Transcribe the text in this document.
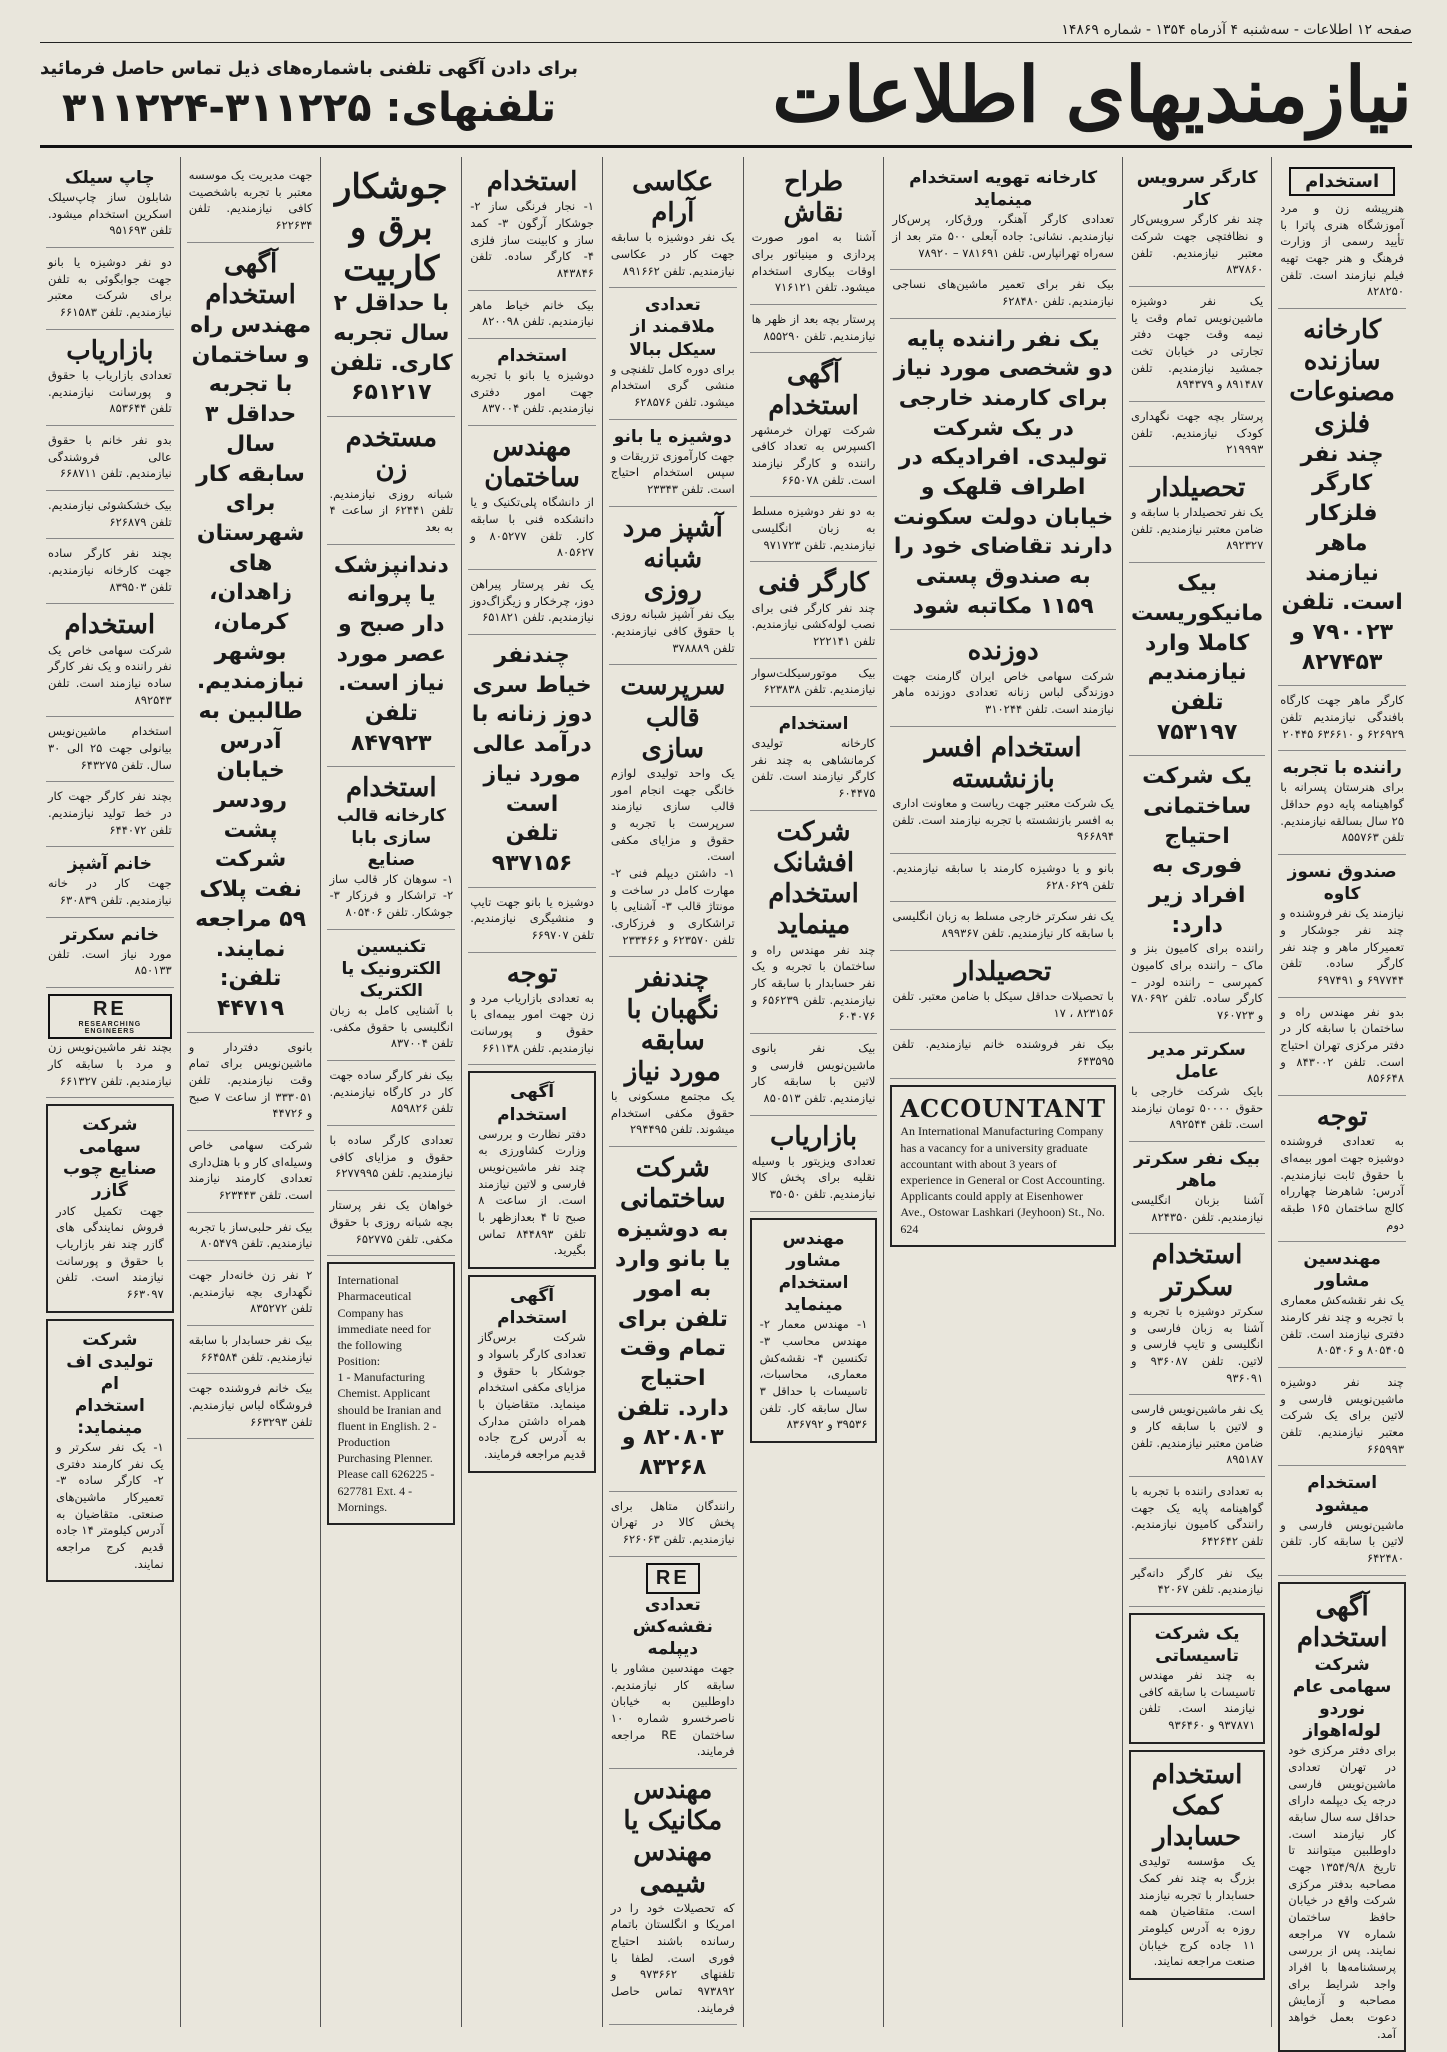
صفحه ۱۲ اطلاعات - سه‌شنبه ۴ آذرماه ۱۳۵۴ - شماره ۱۴۸۶۹
نیازمندیهای اطلاعات
برای دادن آگهی تلفنی باشماره‌های ذیل تماس حاصل فرمائید
تلفنهای: ۳۱۱۲۲۵-۳۱۱۲۲۴
استخدام

هنرپیشه زن و مرد آموزشگاه هنری پاترا با تأیید رسمی از وزارت فرهنگ و هنر جهت تهیه فیلم نیازمند است. تلفن ۸۲۸۲۵۰

کارخانه سازنده مصنوعات فلزی

چند نفر کارگر فلزکار ماهر نیازمند است. تلفن ۷۹۰۰۲۳ و ۸۲۷۴۵۳

کارگر ماهر جهت کارگاه بافندگی نیازمندیم تلفن ۶۲۶۹۲۹ و ۶۳۶۶۱۰ ۲۰۴۴۵

راننده با تجربه

برای هنرستان پسرانه با گواهینامه پایه دوم حداقل ۲۵ سال بسالقه نیازمندیم. تلفن ۸۵۵۷۶۳

صندوق نسوز کاوه

نیازمند یک نفر فروشنده و چند نفر جوشکار و تعمیرکار ماهر و چند نفر کارگر ساده. تلفن ۶۹۷۷۴۴ و ۶۹۷۴۹۱

بدو نفر مهندس راه و ساختمان با سابقه کار در دفتر مرکزی تهران احتیاج است. تلفن ۸۴۳۰۰۲ و ۸۵۶۶۴۸

توجه

به تعدادی فروشنده دوشیزه جهت امور بیمه‌ای با حقوق ثابت نیازمندیم. آدرس: شاهرضا چهارراه کالج ساختمان ۱۶۵ طبقه دوم

مهندسین مشاور

یک نفر نقشه‌کش معماری با تجربه و چند نفر کارمند دفتری نیازمند است. تلفن ۸۰۵۴۰۵ و ۸۰۵۴۰۶

چند نفر دوشیزه ماشین‌نویس فارسی و لاتین برای یک شرکت معتبر نیازمندیم. تلفن ۶۶۵۹۹۳

استخدام میشود

ماشین‌نویس فارسی و لاتین با سابقه کار. تلفن ۶۴۲۴۸۰

آگهی استخدام
شرکت سهامی عام نوردو لوله‌اهواز

برای دفتر مرکزی خود در تهران تعدادی ماشین‌نویس فارسی درجه یک دیپلمه دارای حداقل سه سال سابقه کار نیازمند است. داوطلبین میتوانند تا تاریخ ۱۳۵۴/۹/۸ جهت مصاحبه بدفتر مرکزی شرکت واقع در خیابان حافظ ساختمان شماره ۷۷ مراجعه نمایند. پس از بررسی پرسشنامه‌ها با افراد واجد شرایط برای مصاحبه و آزمایش دعوت بعمل خواهد آمد.

کارگر سرویس کار

چند نفر کارگر سرویس‌کار و نظافتچی جهت شرکت معتبر نیازمندیم. تلفن ۸۳۷۸۶۰

یک نفر دوشیزه ماشین‌نویس تمام وقت یا نیمه وقت جهت دفتر تجارتی در خیابان تخت جمشید نیازمندیم. تلفن ۸۹۱۴۸۷ و ۸۹۴۳۷۹

پرستار بچه جهت نگهداری کودک نیازمندیم. تلفن ۲۱۹۹۹۳

تحصیلدار

یک نفر تحصیلدار با سابقه و ضامن معتبر نیازمندیم. تلفن ۸۹۲۳۲۷

بیک مانیکوریست کاملا وارد نیازمندیم

تلفن ۷۵۳۱۹۷

یک شرکت ساختمانی احتیاج فوری به افراد زیر دارد:

راننده برای کامیون بنز و ماک – راننده برای کامیون کمپرسی – راننده لودر – کارگر ساده. تلفن ۷۸۰۶۹۲ و ۷۶۰۷۲۳

سکرتر مدیر عامل

بایک شرکت خارجی با حقوق ۵۰۰۰۰ تومان نیازمند است. تلفن ۸۹۲۵۴۴

بیک نفر سکرتر ماهر

آشنا بزبان انگلیسی نیازمندیم. تلفن ۸۲۴۳۵۰

استخدام سکرتر

سکرتر دوشیزه با تجربه و آشنا به زبان فارسی و انگلیسی و تایپ فارسی و لاتین. تلفن ۹۳۶۰۸۷ و ۹۳۶۰۹۱

یک نفر ماشین‌نویس فارسی و لاتین با سابقه کار و ضامن معتبر نیازمندیم. تلفن ۸۹۵۱۸۷

به تعدادی راننده با تجربه با گواهینامه پایه یک جهت رانندگی کامیون نیازمندیم. تلفن ۶۴۲۶۴۲

بیک نفر کارگر دانه‌گیر نیازمندیم. تلفن ۴۲۰۶۷

یک شرکت تاسیساتی

به چند نفر مهندس تاسیسات با سابقه کافی نیازمند است. تلفن ۹۳۷۸۷۱ و ۹۳۶۴۶۰

استخدام کمک حسابدار

یک مؤسسه تولیدی بزرگ به چند نفر کمک حسابدار با تجربه نیازمند است. متقاضیان همه روزه به آدرس کیلومتر ۱۱ جاده کرج خیابان صنعت مراجعه نمایند.

کارخانه تهویه استخدام مینماید

تعدادی کارگر آهنگر، ورق‌کار، پرس‌کار نیازمندیم. نشانی: جاده آبعلی ۵۰۰ متر بعد از سه‌راه تهرانپارس. تلفن ۷۸۱۶۹۱ – ۷۸۹۲۰

بیک نفر برای تعمیر ماشین‌های نساجی نیازمندیم. تلفن ۶۲۸۴۸۰

یک نفر راننده پایه دو شخصی مورد نیاز برای کارمند خارجی در یک شرکت تولیدی. افرادیکه در اطراف قلهک و خیابان دولت سکونت دارند تقاضای خود را به صندوق پستی ۱۱۵۹ مکاتبه شود

دوزنده

شرکت سهامی خاص ایران گارمنت جهت دوزندگی لباس زنانه تعدادی دوزنده ماهر نیازمند است. تلفن ۳۱۰۲۴۴

استخدام افسر بازنشسته

یک شرکت معتبر جهت ریاست و معاونت اداری به افسر بازنشسته با تجربه نیازمند است. تلفن ۹۶۶۸۹۴

بانو و یا دوشیزه کارمند با سابقه نیازمندیم. تلفن ۶۲۸۰۶۲۹

یک نفر سکرتر خارجی مسلط به زبان انگلیسی با سابقه کار نیازمندیم. تلفن ۸۹۹۳۶۷

تحصیلدار

با تحصیلات حداقل سیکل با ضامن معتبر. تلفن ۸۲۳۱۵۶ ، ۱۷

بیک نفر فروشنده خانم نیازمندیم. تلفن ۶۴۳۵۹۵

ACCOUNTANT

An International Manufacturing Company has a vacancy for a university graduate accountant with about 3 years of experience in General or Cost Accounting. Applicants could apply at Eisenhower Ave., Ostowar Lashkari (Jeyhoon) St., No. 624

طراح نقاش

آشنا به امور صورت پردازی و مینیاتور برای اوقات بیکاری استخدام میشود. تلفن ۷۱۶۱۲۱

پرستار بچه بعد از ظهر ها نیازمندیم. تلفن ۸۵۵۲۹۰

آگهی استخدام

شرکت تهران خرمشهر اکسپرس به تعداد کافی راننده و کارگر نیازمند است. تلفن ۶۶۵۰۷۸

به دو نفر دوشیزه مسلط به زبان انگلیسی نیازمندیم. تلفن ۹۷۱۷۲۳

کارگر فنی

چند نفر کارگر فنی برای نصب لوله‌کشی نیازمندیم. تلفن ۲۲۲۱۴۱

بیک موتورسیکلت‌سوار نیازمندیم. تلفن ۶۲۳۸۳۸

استخدام

کارخانه تولیدی کرمانشاهی به چند نفر کارگر نیازمند است. تلفن ۶۰۴۴۷۵

شرکت افشانک استخدام مینماید

چند نفر مهندس راه و ساختمان با تجربه و یک نفر حسابدار با سابقه کار نیازمندیم. تلفن ۶۵۶۲۳۹ و ۶۰۴۰۷۶

بیک نفر بانوی ماشین‌نویس فارسی و لاتین با سابقه کار نیازمندیم. تلفن ۸۵۰۵۱۳

بازاریاب

تعدادی ویزیتور با وسیله نقلیه برای پخش کالا نیازمندیم. تلفن ۳۵۰۵۰

مهندس مشاور استخدام مینماید

۱- مهندس معمار ۲- مهندس محاسب ۳- تکنسین ۴- نقشه‌کش معماری، محاسبات، تاسیسات با حداقل ۳ سال سابقه کار. تلفن ۳۹۵۳۶ و ۸۳۶۷۹۲

عکاسی آرام

یک نفر دوشیزه با سابقه جهت کار در عکاسی نیازمندیم. تلفن ۸۹۱۶۶۲

تعدادی ملاقمند از سیکل ببالا

برای دوره کامل تلفنچی و منشی گری استخدام میشود. تلفن ۶۲۸۵۷۶

دوشیزه یا بانو

جهت کارآموزی تزریقات و سپس استخدام احتیاج است. تلفن ۲۳۳۴۳

آشپز مرد شبانه روزی

بیک نفر آشپز شبانه روزی با حقوق کافی نیازمندیم. تلفن ۳۷۸۸۸۹

سرپرست قالب سازی

یک واحد تولیدی لوازم خانگی جهت انجام امور قالب سازی نیازمند سرپرست با تجربه و حقوق و مزایای مکفی است.

۱- داشتن دیپلم فنی ۲- مهارت کامل در ساخت و مونتاژ قالب ۳- آشنایی با تراشکاری و فرزکاری. تلفن ۶۲۳۵۷۰ و ۲۳۳۴۶۶

چندنفر نگهبان با سابقه مورد نیاز

یک مجتمع مسکونی با حقوق مکفی استخدام میشوند. تلفن ۲۹۴۴۹۵

شرکت ساختمانی

به دوشیزه یا بانو وارد به امور تلفن برای تمام وقت احتیاج دارد. تلفن ۸۲۰۸۰۳ و ۸۳۲۶۸

رانندگان متاهل برای پخش کالا در تهران نیازمندیم. تلفن ۶۲۶۰۶۳

RE
تعدادی نقشه‌کش دیپلمه

جهت مهندسین مشاور با سابقه کار نیازمندیم. داوطلبین به خیابان ناصرخسرو شماره ۱۰ ساختمان RE مراجعه فرمایند.

مهندس مکانیک یا مهندس شیمی

که تحصیلات خود را در امریکا و انگلستان باتمام رسانده باشند احتیاج فوری است. لطفا با تلفنهای ۹۷۳۶۶۲ و ۹۷۳۸۹۲ تماس حاصل فرمایند.

استخدام

۱- نجار فرنگی ساز ۲- جوشکار آرگون ۳- کمد ساز و کابینت ساز فلزی ۴- کارگر ساده. تلفن ۸۴۳۸۴۶

بیک خانم خیاط ماهر نیازمندیم. تلفن ۸۲۰۰۹۸

استخدام

دوشیزه یا بانو با تجربه جهت امور دفتری نیازمندیم. تلفن ۸۳۷۰۰۴

مهندس ساختمان

از دانشگاه پلی‌تکنیک و یا دانشکده فنی با سابقه کار. تلفن ۸۰۵۲۷۷ و ۸۰۵۶۲۷

یک نفر پرستار پیراهن دوز، چرخکار و زیگزاگ‌دوز نیازمندیم. تلفن ۶۵۱۸۲۱

چندنفر خیاط سری دوز زنانه با درآمد عالی مورد نیاز است

تلفن ۹۳۷۱۵۶

دوشیزه یا بانو جهت تایپ و منشیگری نیازمندیم. تلفن ۶۶۹۷۰۷

توجه

به تعدادی بازاریاب مرد و زن جهت امور بیمه‌ای با حقوق و پورسانت نیازمندیم. تلفن ۶۶۱۱۳۸

آگهی استخدام

دفتر نظارت و بررسی وزارت کشاورزی به چند نفر ماشین‌نویس فارسی و لاتین نیازمند است. از ساعت ۸ صبح تا ۴ بعدازظهر با تلفن ۸۴۴۸۹۳ تماس بگیرید.

آگهی استخدام

شرکت برس‌گاز تعدادی کارگر باسواد و جوشکار با حقوق و مزایای مکفی استخدام مینماید. متقاضیان با همراه داشتن مدارک به آدرس کرج جاده قدیم مراجعه فرمایند.

جوشکار برق و کاربیت

با حداقل ۲ سال تجربه کاری. تلفن

۶۵۱۲۱۷

مستخدم زن

شبانه روزی نیازمندیم. تلفن ۶۲۴۴۱ از ساعت ۴ به بعد

دندانپزشک یا پروانه دار صبح و عصر مورد نیاز است. تلفن ۸۴۷۹۲۳

استخدام
کارخانه قالب سازی بابا صنایع

۱- سوهان کار قالب ساز ۲- تراشکار و فرزکار ۳- جوشکار. تلفن ۸۰۵۴۰۶

تکنیسین الکترونیک یا الکتریک

با آشنایی کامل به زبان انگلیسی با حقوق مکفی. تلفن ۸۳۷۰۰۴

بیک نفر کارگر ساده جهت کار در کارگاه نیازمندیم. تلفن ۸۵۹۸۲۶

تعدادی کارگر ساده با حقوق و مزایای کافی نیازمندیم. تلفن ۶۲۷۷۹۹۵

خواهان یک نفر پرستار بچه شبانه روزی با حقوق مکفی. تلفن ۶۵۲۷۷۵

International Pharmaceutical Company has immediate need for the following Position:

1 - Manufacturing Chemist. Applicant should be Iranian and fluent in English. 2 - Production Purchasing Plenner.

Please call 626225 - 627781 Ext. 4 - Mornings.

جهت مدیریت یک موسسه معتبر با تجربه باشخصیت کافی نیازمندیم. تلفن ۶۲۲۶۳۴

آگهی استخدام

مهندس راه و ساختمان با تجربه حداقل ۳ سال سابقه کار برای شهرستان های زاهدان، کرمان، بوشهر نیازمندیم. طالبین به آدرس خیابان رودسر پشت شرکت نفت پلاک ۵۹ مراجعه نمایند. تلفن:

۴۴۷۱۹

بانوی دفتردار و ماشین‌نویس برای تمام وقت نیازمندیم. تلفن ۳۳۳۰۵۱ از ساعت ۷ صبح و ۴۴۷۲۶

شرکت سهامی خاص وسیله‌ای کار و با هتل‌داری تعدادی کارمند نیازمند است. تلفن ۶۲۳۴۴۳

بیک نفر حلبی‌ساز با تجربه نیازمندیم. تلفن ۸۰۵۴۷۹

۲ نفر زن خانه‌دار جهت نگهداری بچه نیازمندیم. تلفن ۸۳۵۲۷۲

بیک نفر حسابدار با سابقه نیازمندیم. تلفن ۶۶۴۵۸۴

بیک خانم فروشنده جهت فروشگاه لباس نیازمندیم. تلفن ۶۶۳۲۹۳

چاپ سیلک

شابلون ساز چاپ‌سیلک اسکرین استخدام میشود. تلفن ۹۵۱۶۹۳

دو نفر دوشیزه یا بانو جهت جوابگوئی به تلفن برای شرکت معتبر نیازمندیم. تلفن ۶۶۱۵۸۳

بازاریاب

تعدادی بازاریاب با حقوق و پورسانت نیازمندیم. تلفن ۸۵۳۶۴۴

بدو نفر خانم با حقوق عالی فروشندگی نیازمندیم. تلفن ۶۶۸۷۱۱

بیک خشکشوئی نیازمندیم. تلفن ۶۲۶۸۷۹

بچند نفر کارگر ساده جهت کارخانه نیازمندیم. تلفن ۸۳۹۵۰۳

استخدام

شرکت سهامی خاص یک نفر راننده و یک نفر کارگر ساده نیازمند است. تلفن ۸۹۲۵۴۳

استخدام ماشین‌نویس بیانولی جهت ۲۵ الی ۳۰ سال. تلفن ۶۴۳۲۷۵

بچند نفر کارگر جهت کار در خط تولید نیازمندیم. تلفن ۶۴۴۰۷۲

خانم آشپز

جهت کار در خانه نیازمندیم. تلفن ۶۳۰۸۳۹

خانم سکرتر

مورد نیاز است. تلفن ۸۵۰۱۳۳

RE
RESEARCHING ENGINEERS

بچند نفر ماشین‌نویس زن و مرد با سابقه کار نیازمندیم. تلفن ۶۶۱۳۲۷

شرکت سهامی صنایع چوب گازر

جهت تکمیل کادر فروش نمایندگی های گازر چند نفر بازاریاب با حقوق و پورسانت نیازمند است. تلفن ۶۶۳۰۹۷

شرکت تولیدی اف ام
استخدام مینماید:

۱- یک نفر سکرتر و یک نفر کارمند دفتری ۲- کارگر ساده ۳- تعمیرکار ماشین‌های صنعتی. متقاضیان به آدرس کیلومتر ۱۴ جاده قدیم کرج مراجعه نمایند.
